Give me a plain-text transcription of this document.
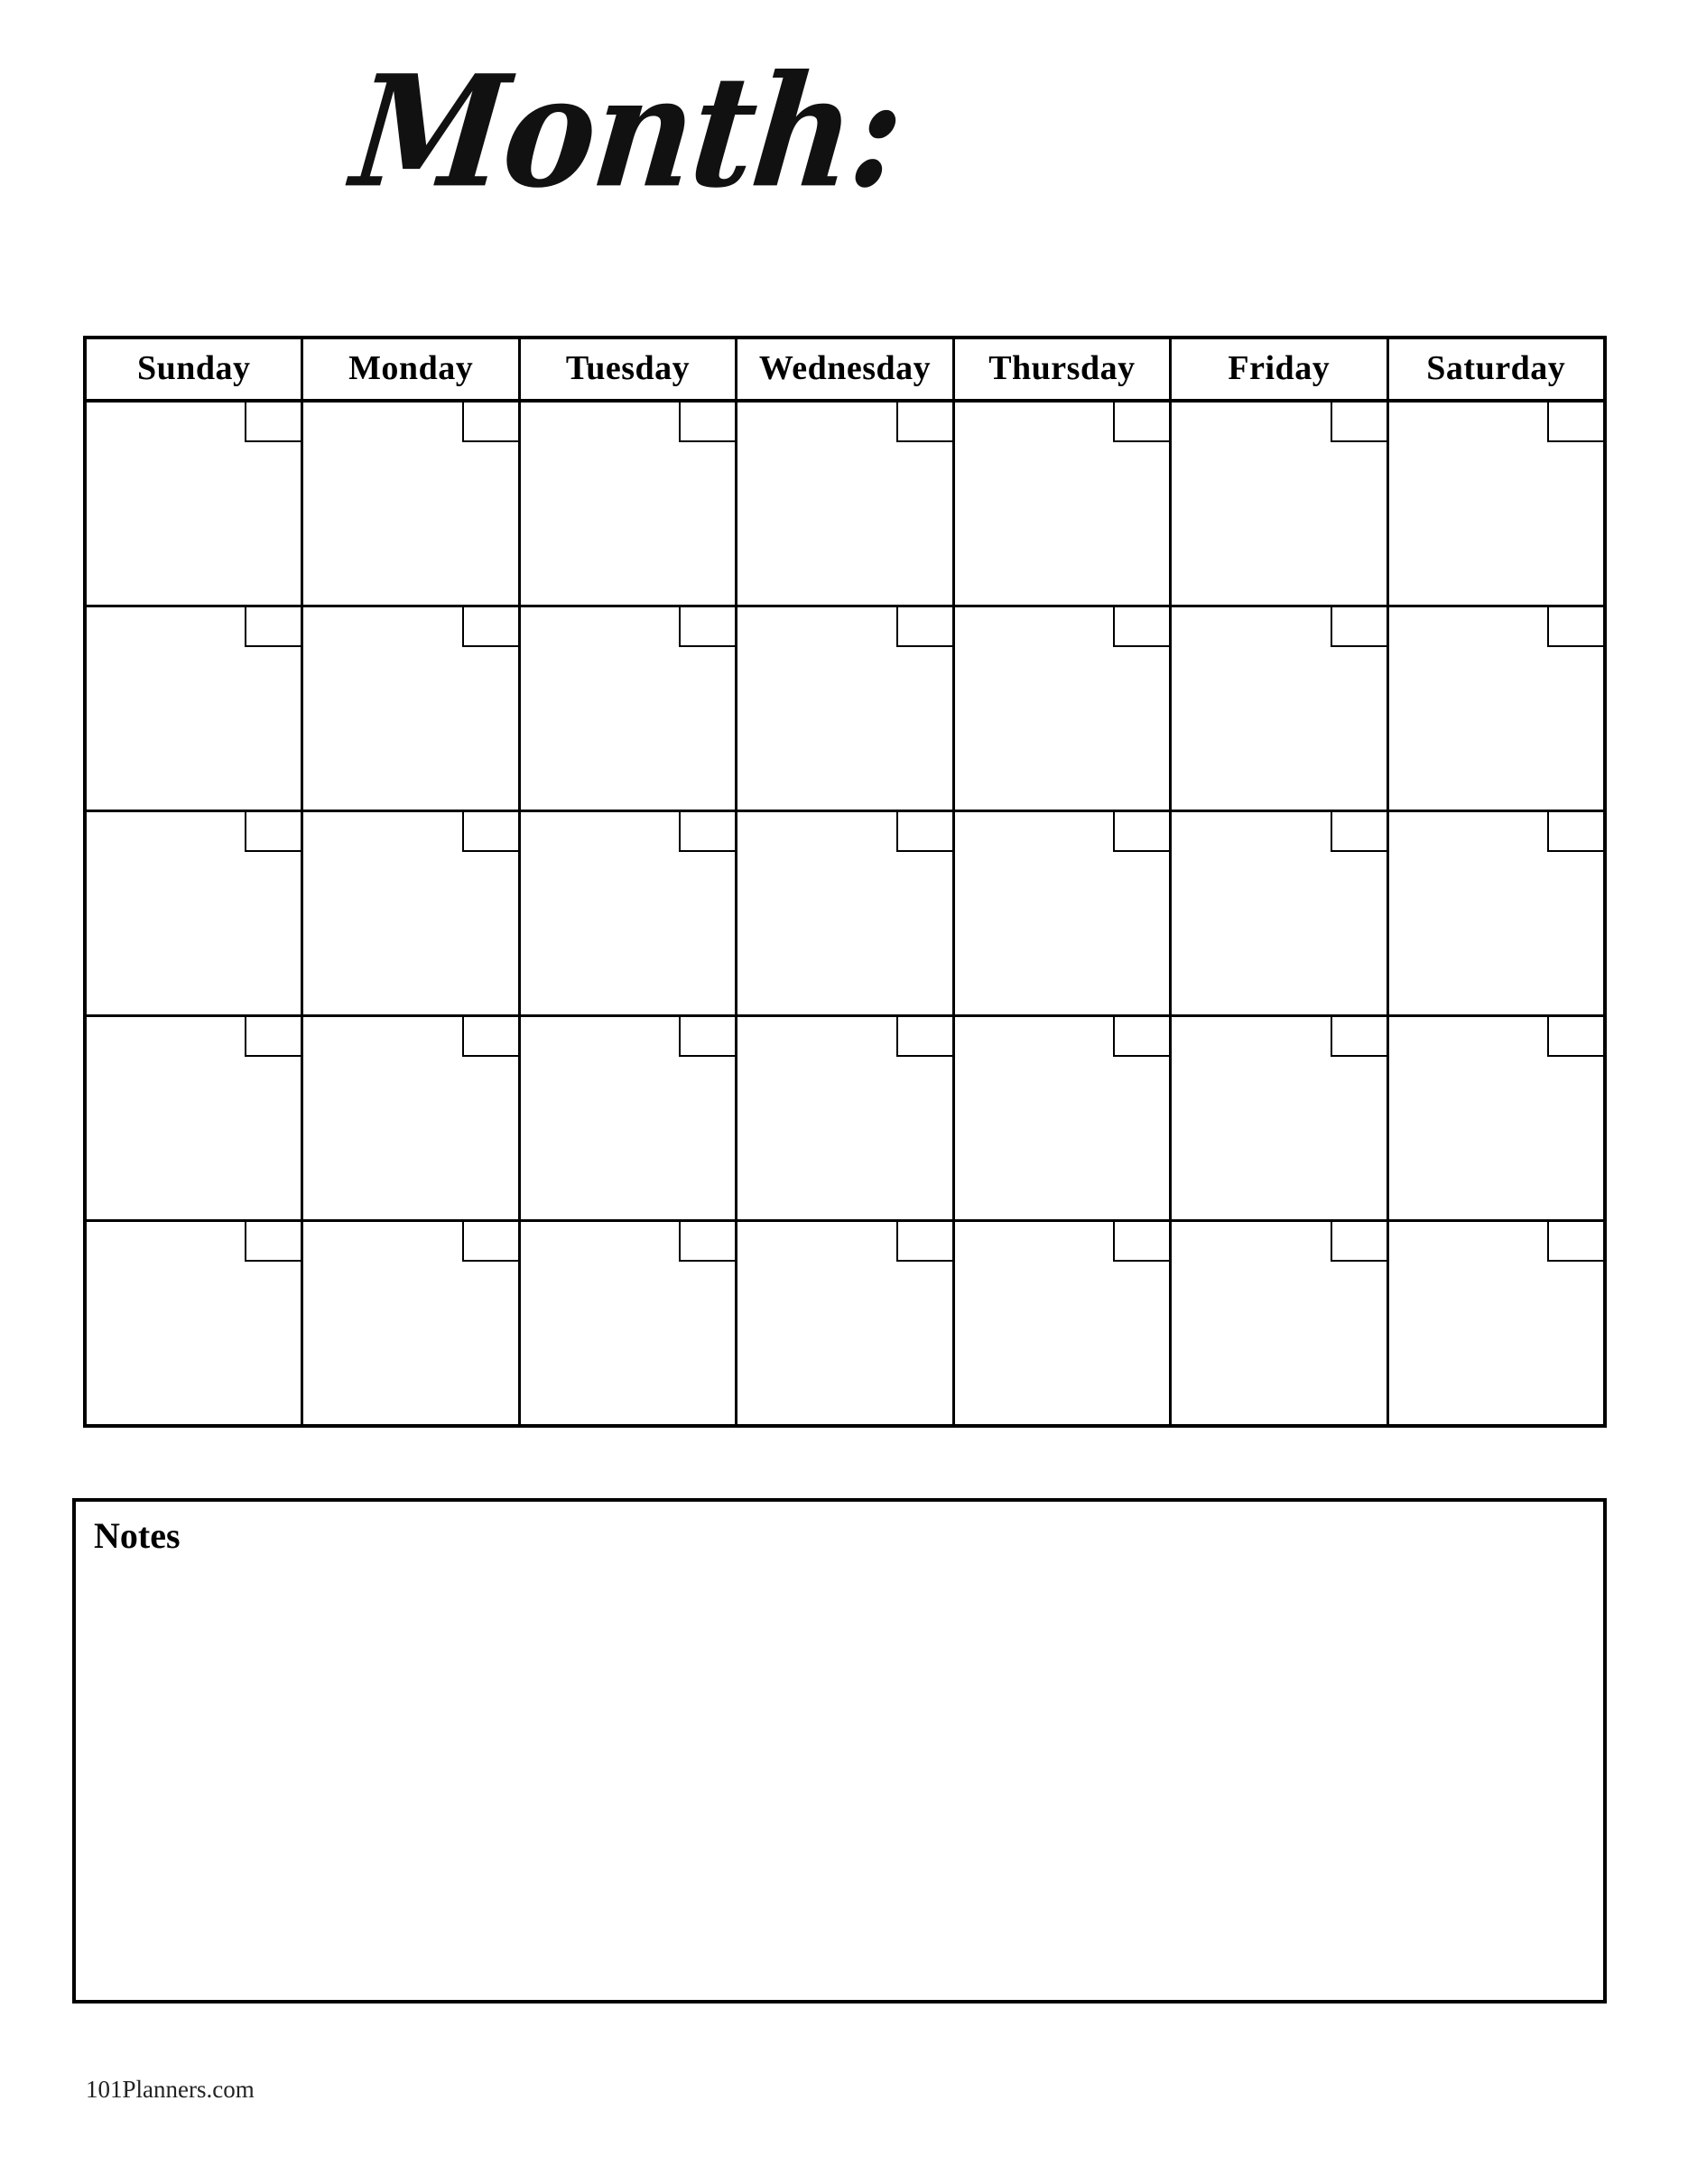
Month:
Sunday	Monday	Tuesday	Wednesday	Thursday	Friday	Saturday
Notes
101Planners.com
